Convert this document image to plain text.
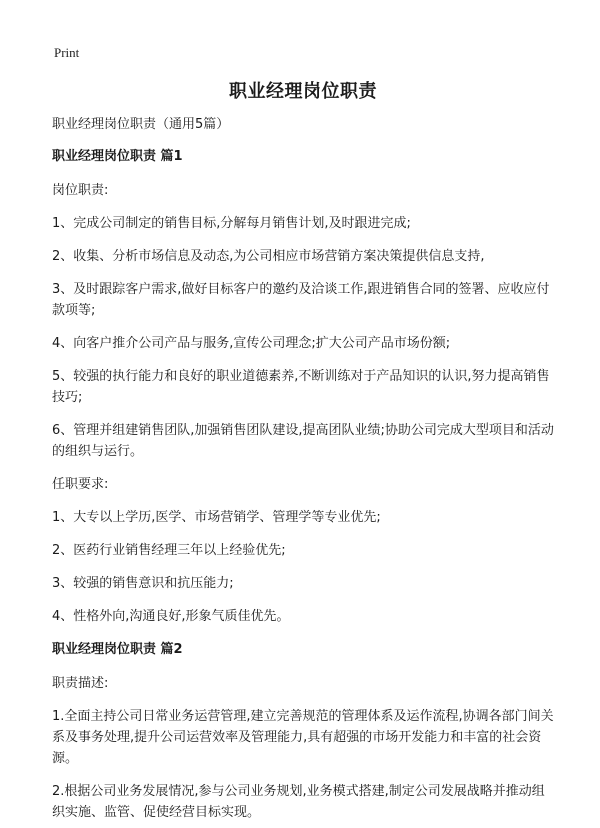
Print
职业经理岗位职责

职业经理岗位职责（通用5篇）

职业经理岗位职责 篇1

岗位职责:

1、完成公司制定的销售目标,分解每月销售计划,及时跟进完成;

2、收集、分析市场信息及动态,为公司相应市场营销方案决策提供信息支持,

3、及时跟踪客户需求,做好目标客户的邀约及洽谈工作,跟进销售合同的签署、应收应付款项等;

4、向客户推介公司产品与服务,宣传公司理念;扩大公司产品市场份额;

5、较强的执行能力和良好的职业道德素养,不断训练对于产品知识的认识,努力提高销售技巧;

6、管理并组建销售团队,加强销售团队建设,提高团队业绩;协助公司完成大型项目和活动的组织与运行。

任职要求:

1、大专以上学历,医学、市场营销学、管理学等专业优先;

2、医药行业销售经理三年以上经验优先;

3、较强的销售意识和抗压能力;

4、性格外向,沟通良好,形象气质佳优先。

职业经理岗位职责 篇2

职责描述:

1.全面主持公司日常业务运营管理,建立完善规范的管理体系及运作流程,协调各部门间关系及事务处理,提升公司运营效率及管理能力,具有超强的市场开发能力和丰富的社会资源。

2.根据公司业务发展情况,参与公司业务规划,业务模式搭建,制定公司发展战略并推动组织实施、监管、促使经营目标实现。
